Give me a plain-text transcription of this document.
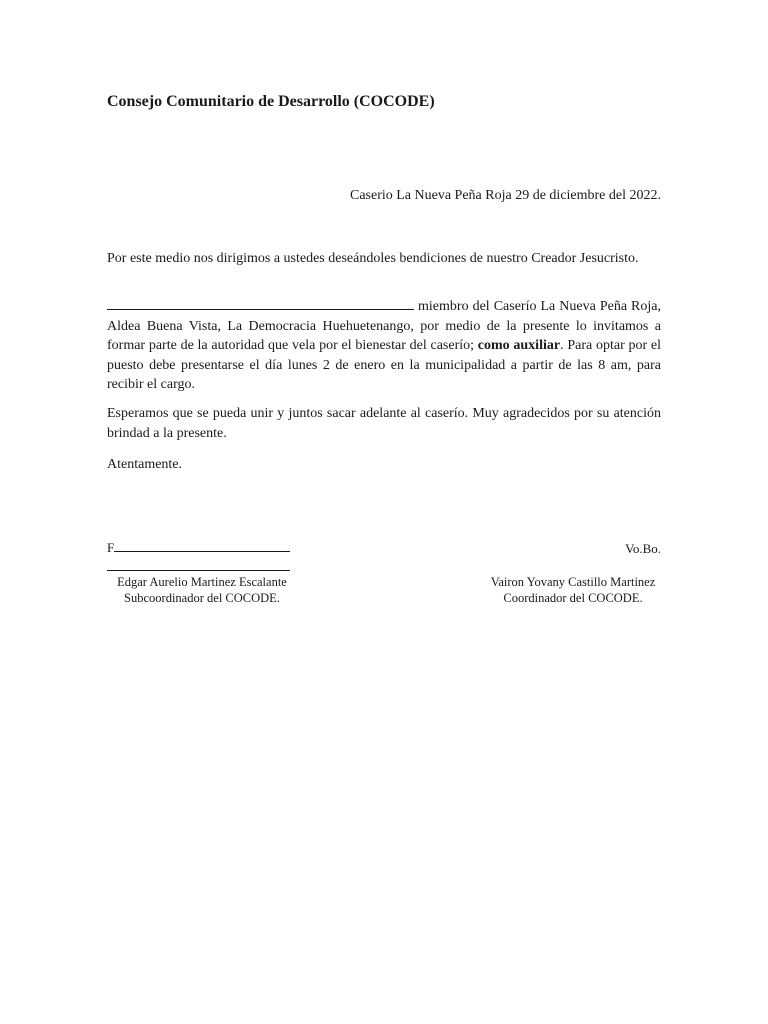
Consejo Comunitario de Desarrollo (COCODE)
Caserio La Nueva Peña Roja 29 de diciembre del 2022.

Por este medio nos dirigimos a ustedes deseándoles bendiciones de nuestro Creador Jesucristo.

miembro del Caserío La Nueva Peña Roja, Aldea Buena Vista, La Democracia Huehuetenango, por medio de la presente lo invitamos a formar parte de la autoridad que vela por el bienestar del caserío; como auxiliar. Para optar por el puesto debe presentarse el día lunes 2 de enero en la municipalidad a partir de las 8 am, para recibir el cargo.

Esperamos que se pueda unir y juntos sacar adelante al caserío. Muy agradecidos por su atención brindad a la presente.

Atentamente.

F	Vo.Bo.
Edgar Aurelio Martinez Escalante
Subcoordinador del COCODE.
Vairon Yovany Castillo Martinez
Coordinador del COCODE.
